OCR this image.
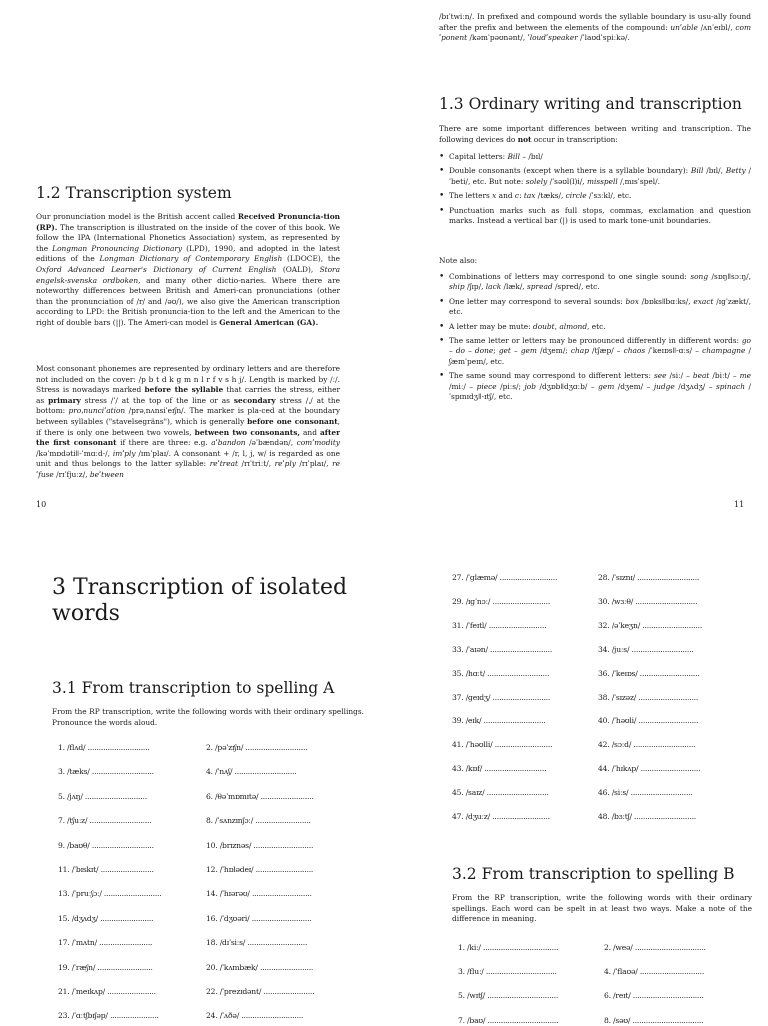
1.2 Transcription system
Our pronunciation model is the British accent called Received Pronuncia-tion (RP). The transcription is illustrated on the inside of the cover of this book. We follow the IPA (International Phonetics Association) system, as represented by the Longman Pronouncing Dictionary (LPD), 1990, and adopted in the latest editions of the Longman Dictionary of Contemporary English (LDOCE), the Oxford Advanced Learner's Dictionary of Current English (OALD), Stora engelsk-svenska ordboken, and many other dictio-naries. Where there are noteworthy differences between British and Ameri-can pronunciations (other than the pronunciation of /r/ and /əʊ/), we also give the American transcription according to LPD: the British pronuncia-tion to the left and the American to the right of double bars (||). The Ameri-can model is General American (GA).
Most consonant phonemes are represented by ordinary letters and are therefore not included on the cover: /p b t d k g m n l r f v s h j/. Length is marked by /ː/. Stress is nowadays marked before the syllable that carries the stress, either as primary stress /ˈ/ at the top of the line or as secondary stress /ˌ/ at the bottom: proˌnunciˈation /prəˌnʌnsiˈeɪʃn/. The marker is pla-ced at the boundary between syllables ("stavelsegräns"), which is generally before one consonant, if there is only one between two vowels, between two consonants, and after the first consonant if there are three: e.g. aˈbandon /əˈbændən/, comˈmodity /kəˈmɒdətiǁ-ˈmɑːd-/, imˈply /ɪmˈplaɪ/. A consonant + /r, l, j, w/ is regarded as one unit and thus belongs to the latter syllable: reˈtreat /rɪˈtriːt/, reˈply /rɪˈplaɪ/, reˈfuse /rɪˈfjuːz/, beˈtween
10
/bɪˈtwiːn/. In prefixed and compound words the syllable boundary is usu-ally found after the prefix and between the elements of the compound: unˈable /ʌnˈeɪbl/, comˈponent /kəmˈpəʊnənt/, ˈloudˈspeaker /ˈlaʊdˈspiːkə/.
1.3 Ordinary writing and transcription
There are some important differences between writing and transcription. The following devices do not occur in transcription:
• Capital letters: Bill – /bɪl/
• Double consonants (except when there is a syllable boundary): Bill /bɪl/, Betty /ˈbeti/, etc. But note: solely /ˈsəʊl(l)i/, misspell /ˌmɪsˈspel/.
• The letters x and c: tax /tæks/, circle /ˈsɜːkl/, etc.
• Punctuation marks such as full stops, commas, exclamation and question marks. Instead a vertical bar (|) is used to mark tone-unit boundaries.
Note also:
• Combinations of letters may correspond to one single sound: song /sɒŋǁsɔːŋ/, ship /ʃɪp/, lack /læk/, spread /spred/, etc.
• One letter may correspond to several sounds: box /bɒksǁbɑːks/, exact /ɪgˈzækt/, etc.
• A letter may be mute: doubt, almond, etc.
• The same letter or letters may be pronounced differently in different words: go – do – done; get – gem /dʒem/; chap /tʃæp/ – chaos /ˈkeɪɒsǁ-ɑːs/ – champagne /ʃæmˈpeɪn/, etc.
• The same sound may correspond to different letters: see /siː/ – beat /biːt/ – me /miː/ – piece /piːs/; job /dʒɒbǁdʒɑːb/ – gem /dʒem/ – judge /dʒʌdʒ/ – spinach /ˈspɪnɪdʒǁ-ɪtʃ/, etc.
11
3 Transcription of isolated words
3.1 From transcription to spelling A
From the RP transcription, write the following words with their ordinary spellings. Pronounce the words aloud.
1. /flʌd/ ............................	2. /pəˈzɪʃn/ ............................
3. /tæks/ ............................	4. /ˈnʌʃ/ ............................
5. /jʌŋ/ ............................	6. /θəˈmɒmɪtə/ ........................
7. /tʃuːz/ ............................	8. /ˈsʌnzɪnʃɔː/ .........................
9. /baʊθ/ ............................	10. /brɪznəs/ ...........................
11. /ˈbɪskɪt/ ........................	12. /ˈhɒlədeɪ/ ..........................
13. /ˈpruːʃɔː/ ..........................	14. /ˈhɪərəʊ/ ...........................
15. /dʒʌdʒ/ ........................	16. /ˈdʒʊəri/ ...........................
17. /ˈmʌtn/ ........................	18. /dɪˈsiːs/ ...........................
19. /ˈræʃn/ .........................	20. /ˈkʌmbæk/ ........................
21. /ˈmeɪkʌp/ ......................	22. /ˈprezɪdənt/ .......................
23. /ˈɑːtʃbɪʃəp/ ......................	24. /ˈʌðə/ ............................
27. /ˈglæmə/ ..........................	28. /ˈsɪznɪ/ ............................
29. /ɪgˈnɔː/ ..........................	30. /wɜːθ/ ............................
31. /ˈfeɪtl/ ..........................	32. /əˈkeʒn/ ...........................
33. /ˈaɪən/ ............................	34. /juːs/ ............................
35. /hɑːt/ ............................	36. /ˈkeɪɒs/ ...........................
37. /geɪdʒ/ ..........................	38. /ˈsɪzəz/ ...........................
39. /eɪk/ ............................	40. /ˈhəʊli/ ...........................
41. /ˈhəʊlli/ ..........................	42. /sɔːd/ ............................
43. /kɒf/ ............................	44. /ˈhɪkʌp/ ...........................
45. /saɪz/ ............................	46. /siːs/ ............................
47. /dʒuːz/ ..........................	48. /bɜːtʃ/ ............................
3.2 From transcription to spelling B
From the RP transcription, write the following words with their ordinary spellings. Each word can be spelt in at least two ways. Make a note of the difference in meaning.
1. /kiː/ ..................................	2. /weə/ ................................
3. /fluː/ ................................	4. /ˈflaʊə/ .............................
5. /wɪtʃ/ ................................	6. /reɪt/ ................................
7. /baʊ/ ................................	8. /səʊ/ ................................
